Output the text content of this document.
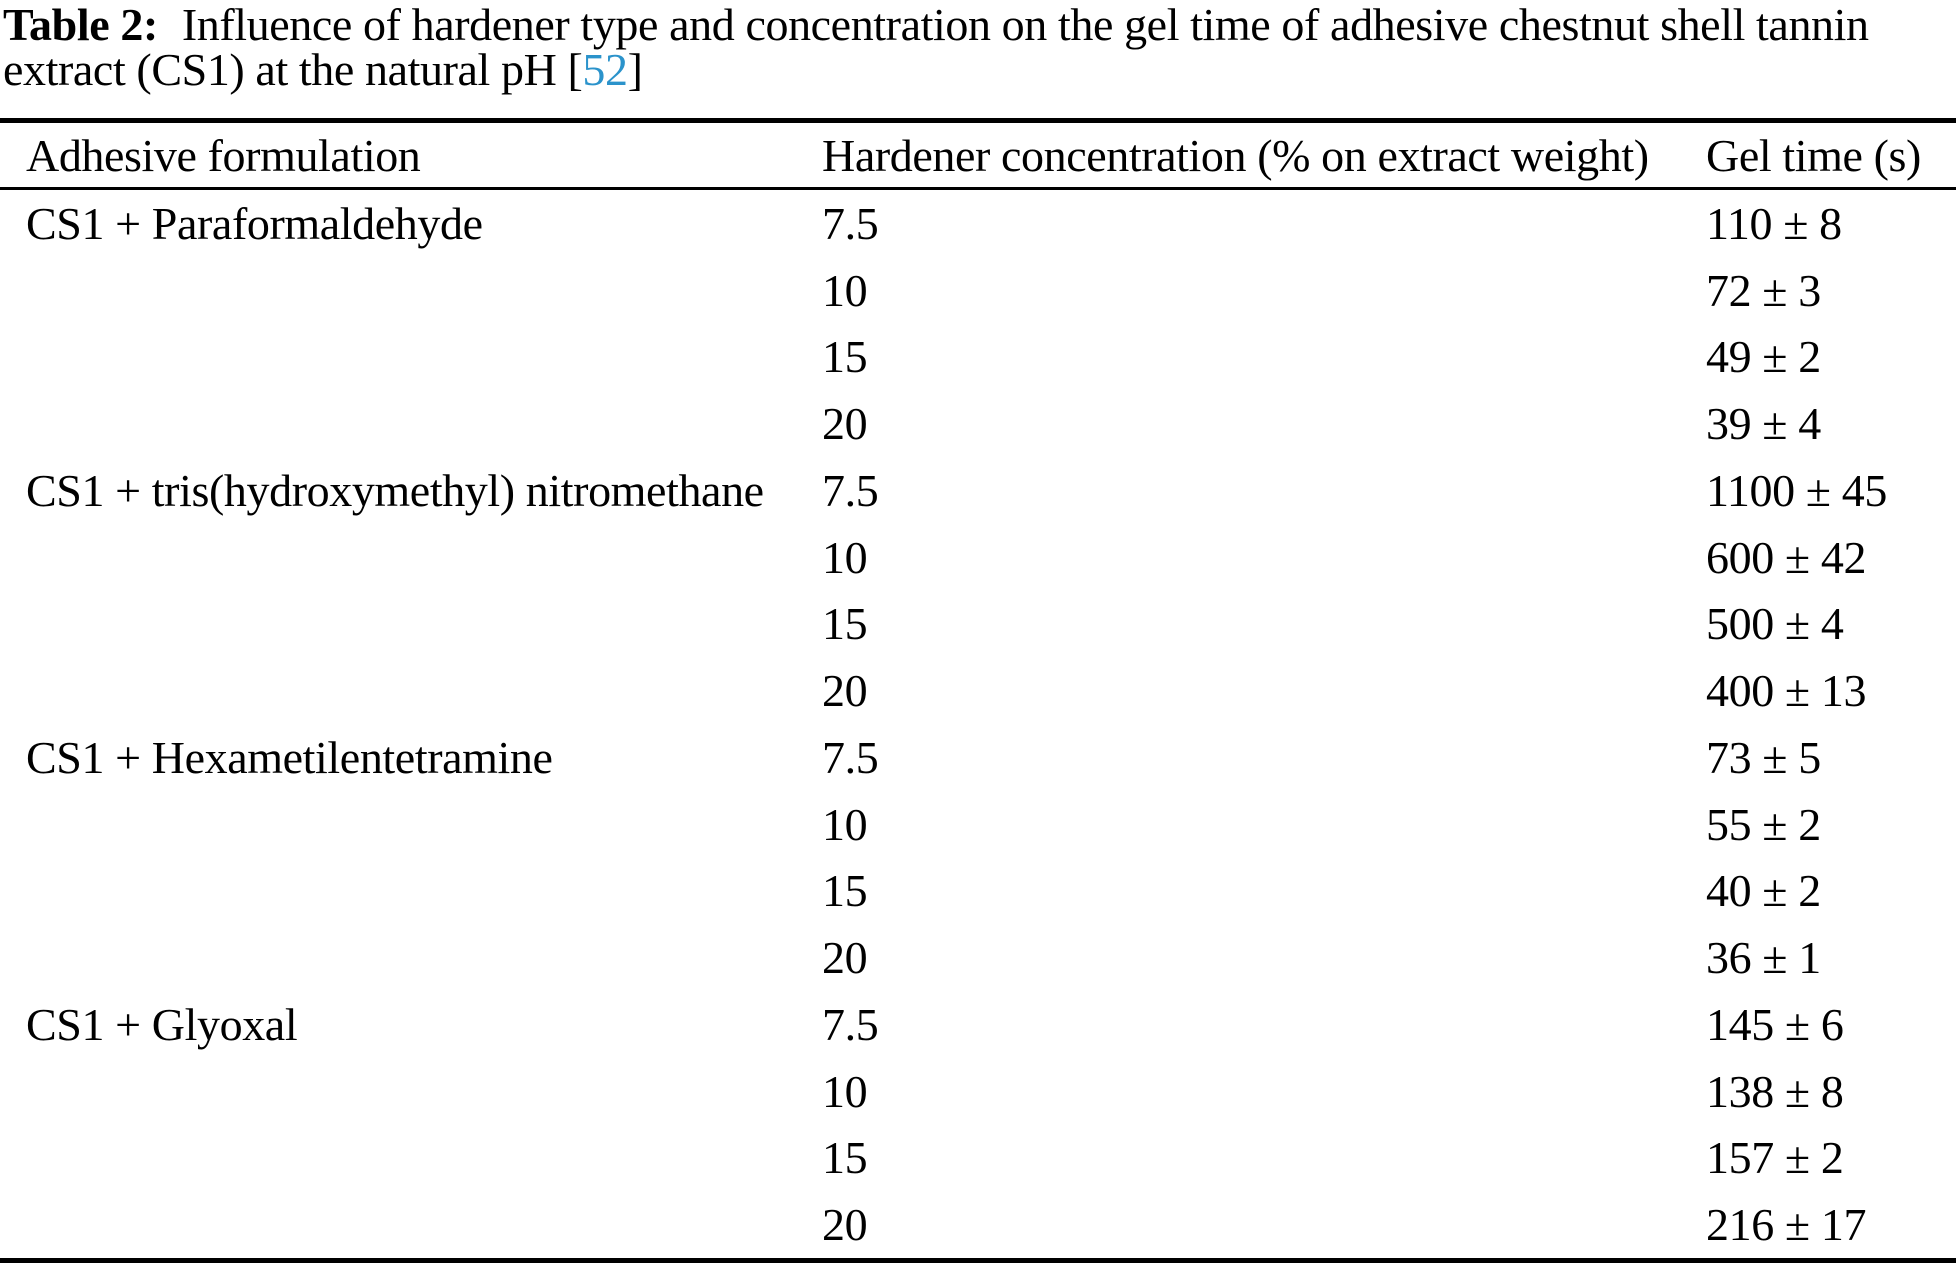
Table 2: Influence of hardener type and concentration on the gel time of adhesive chestnut shell tannin extract (CS1) at the natural pH [52]
Adhesive formulation	Hardener concentration (% on extract weight)	Gel time (s)
CS1 + Paraformaldehyde	7.5	110 ± 8
10	72 ± 3
15	49 ± 2
20	39 ± 4
CS1 + tris(hydroxymethyl) nitromethane	7.5	1100 ± 45
10	600 ± 42
15	500 ± 4
20	400 ± 13
CS1 + Hexametilentetramine	7.5	73 ± 5
10	55 ± 2
15	40 ± 2
20	36 ± 1
CS1 + Glyoxal	7.5	145 ± 6
10	138 ± 8
15	157 ± 2
20	216 ± 17
